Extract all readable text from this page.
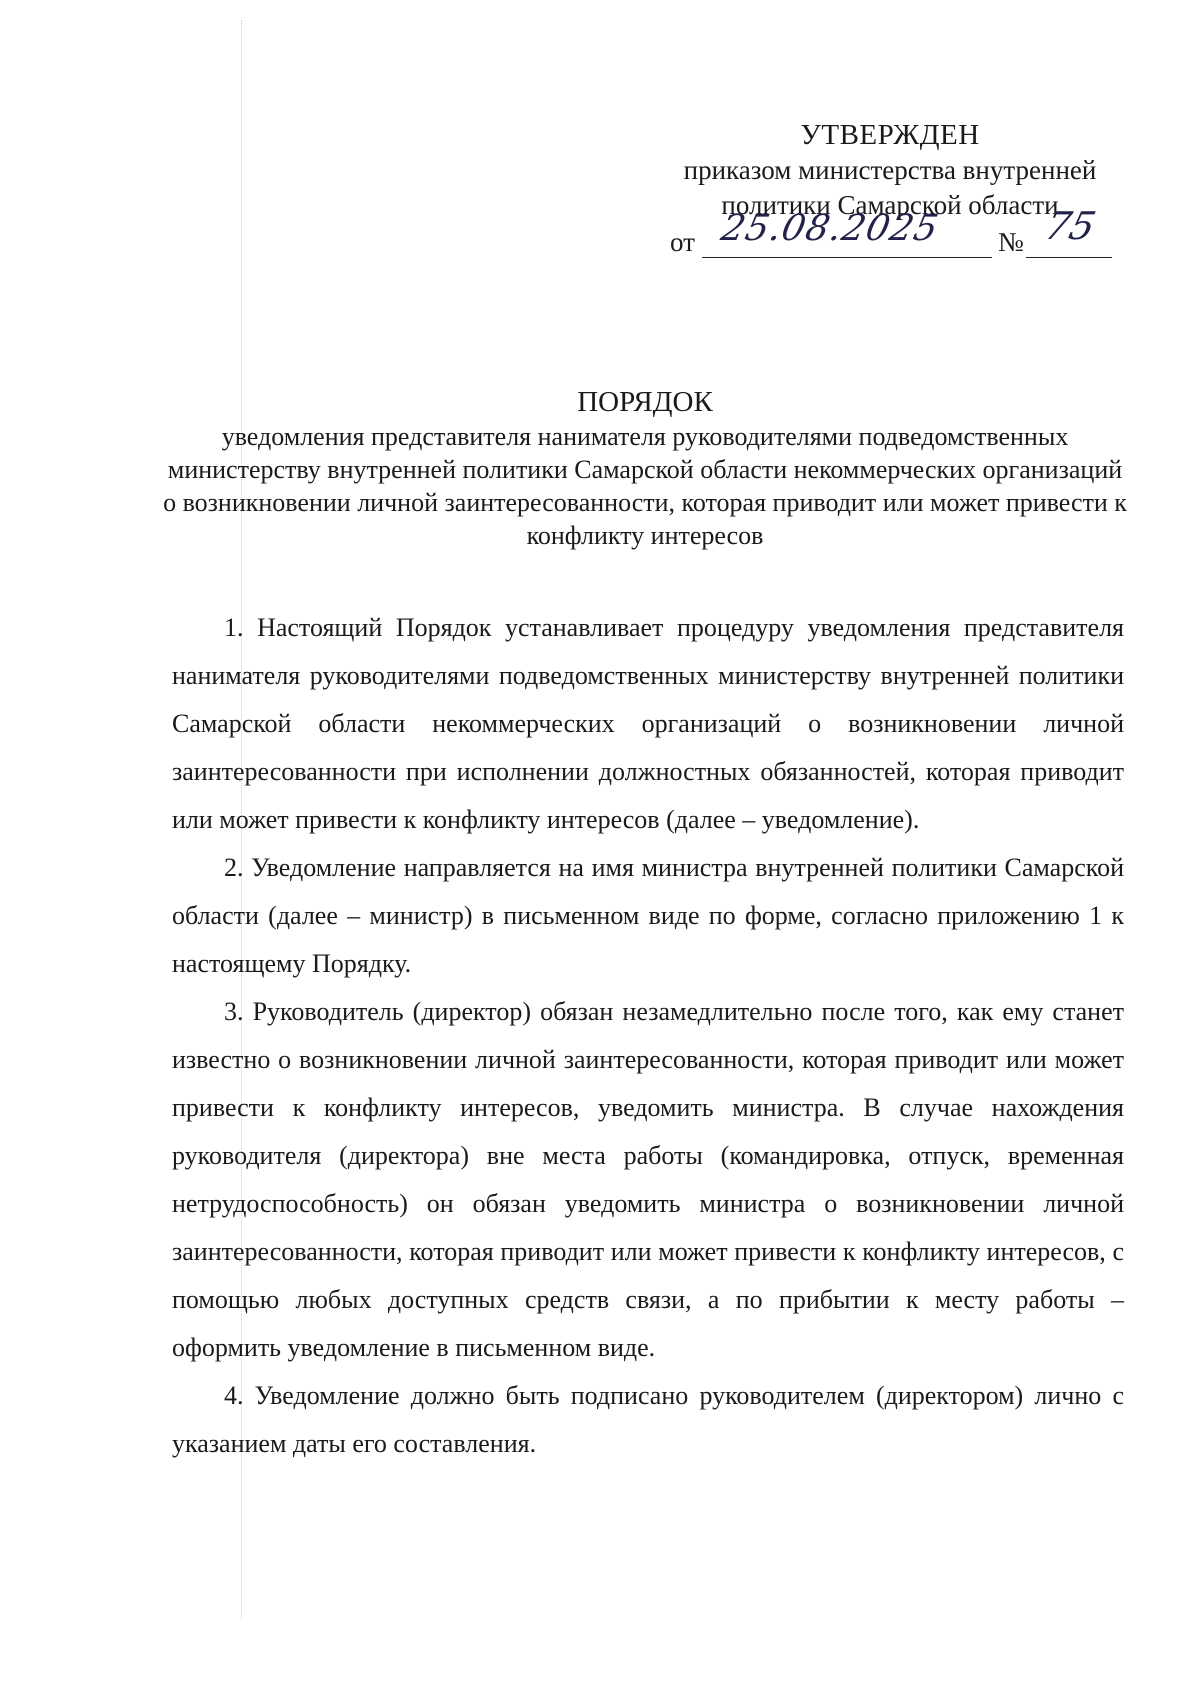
УТВЕРЖДЕН
приказом министерства внутренней
политики Самарской области
от 25.08.2025 № 75
ПОРЯДОК
уведомления представителя нанимателя руководителями подведомственных министерству внутренней политики Самарской области некоммерческих организаций о возникновении личной заинтересованности, которая приводит или может привести к конфликту интересов

1. Настоящий Порядок устанавливает процедуру уведомления представителя нанимателя руководителями подведомственных министерству внутренней политики Самарской области некоммерческих организаций о возникновении личной заинтересованности при исполнении должностных обязанностей, которая приводит или может привести к конфликту интересов (далее – уведомление).

2. Уведомление направляется на имя министра внутренней политики Самарской области (далее – министр) в письменном виде по форме, согласно приложению 1 к настоящему Порядку.

3. Руководитель (директор) обязан незамедлительно после того, как ему станет известно о возникновении личной заинтересованности, которая приводит или может привести к конфликту интересов, уведомить министра. В случае нахождения руководителя (директора) вне места работы (командировка, отпуск, временная нетрудоспособность) он обязан уведомить министра о возникновении личной заинтересованности, которая приводит или может привести к конфликту интересов, с помощью любых доступных средств связи, а по прибытии к месту работы – оформить уведомление в письменном виде.

4. Уведомление должно быть подписано руководителем (директором) лично с указанием даты его составления.
